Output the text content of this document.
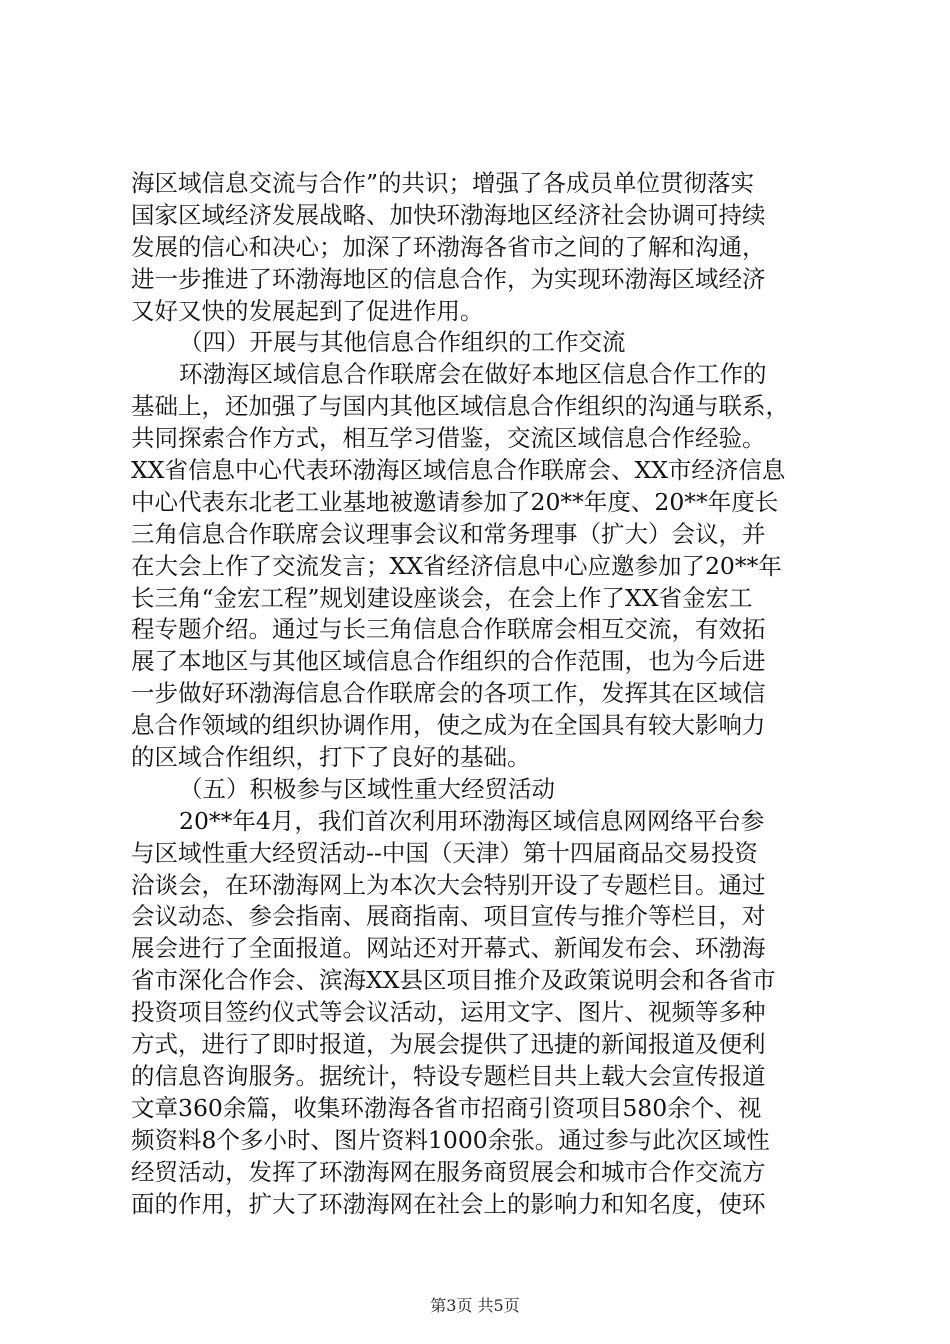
海区域信息交流与合作”的共识；增强了各成员单位贯彻落实
国家区域经济发展战略、加快环渤海地区经济社会协调可持续
发展的信心和决心；加深了环渤海各省市之间的了解和沟通，
进一步推进了环渤海地区的信息合作，为实现环渤海区域经济
又好又快的发展起到了促进作用。
（四）开展与其他信息合作组织的工作交流
环渤海区域信息合作联席会在做好本地区信息合作工作的
基础上，还加强了与国内其他区域信息合作组织的沟通与联系，
共同探索合作方式，相互学习借鉴，交流区域信息合作经验。
XX省信息中心代表环渤海区域信息合作联席会、XX市经济信息
中心代表东北老工业基地被邀请参加了20**年度、20**年度长
三角信息合作联席会议理事会议和常务理事（扩大）会议，并
在大会上作了交流发言；XX省经济信息中心应邀参加了20**年
长三角“金宏工程”规划建设座谈会，在会上作了XX省金宏工
程专题介绍。通过与长三角信息合作联席会相互交流，有效拓
展了本地区与其他区域信息合作组织的合作范围，也为今后进
一步做好环渤海信息合作联席会的各项工作，发挥其在区域信
息合作领域的组织协调作用，使之成为在全国具有较大影响力
的区域合作组织，打下了良好的基础。
（五）积极参与区域性重大经贸活动
20**年4月，我们首次利用环渤海区域信息网网络平台参
与区域性重大经贸活动--中国（天津）第十四届商品交易投资
洽谈会，在环渤海网上为本次大会特别开设了专题栏目。通过
会议动态、参会指南、展商指南、项目宣传与推介等栏目，对
展会进行了全面报道。网站还对开幕式、新闻发布会、环渤海
省市深化合作会、滨海XX县区项目推介及政策说明会和各省市
投资项目签约仪式等会议活动，运用文字、图片、视频等多种
方式，进行了即时报道，为展会提供了迅捷的新闻报道及便利
的信息咨询服务。据统计，特设专题栏目共上载大会宣传报道
文章360余篇，收集环渤海各省市招商引资项目580余个、视
频资料8个多小时、图片资料1000余张。通过参与此次区域性
经贸活动，发挥了环渤海网在服务商贸展会和城市合作交流方
面的作用，扩大了环渤海网在社会上的影响力和知名度，使环
第3页 共5页
